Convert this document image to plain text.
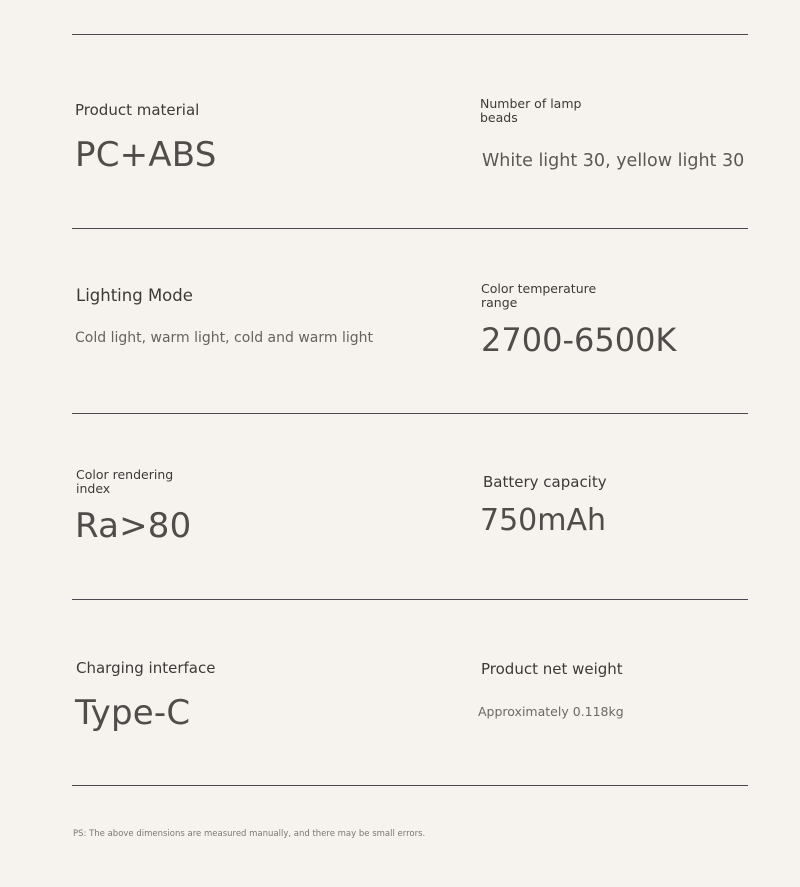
Product material
PC+ABS
Number of lamp beads
White light 30, yellow light 30
Lighting Mode
Cold light, warm light, cold and warm light
Color temperature range
2700-6500K
Color rendering index
Ra>80
Battery capacity
750mAh
Charging interface
Type-C
Product net weight
Approximately 0.118kg
PS: The above dimensions are measured manually, and there may be small errors.
